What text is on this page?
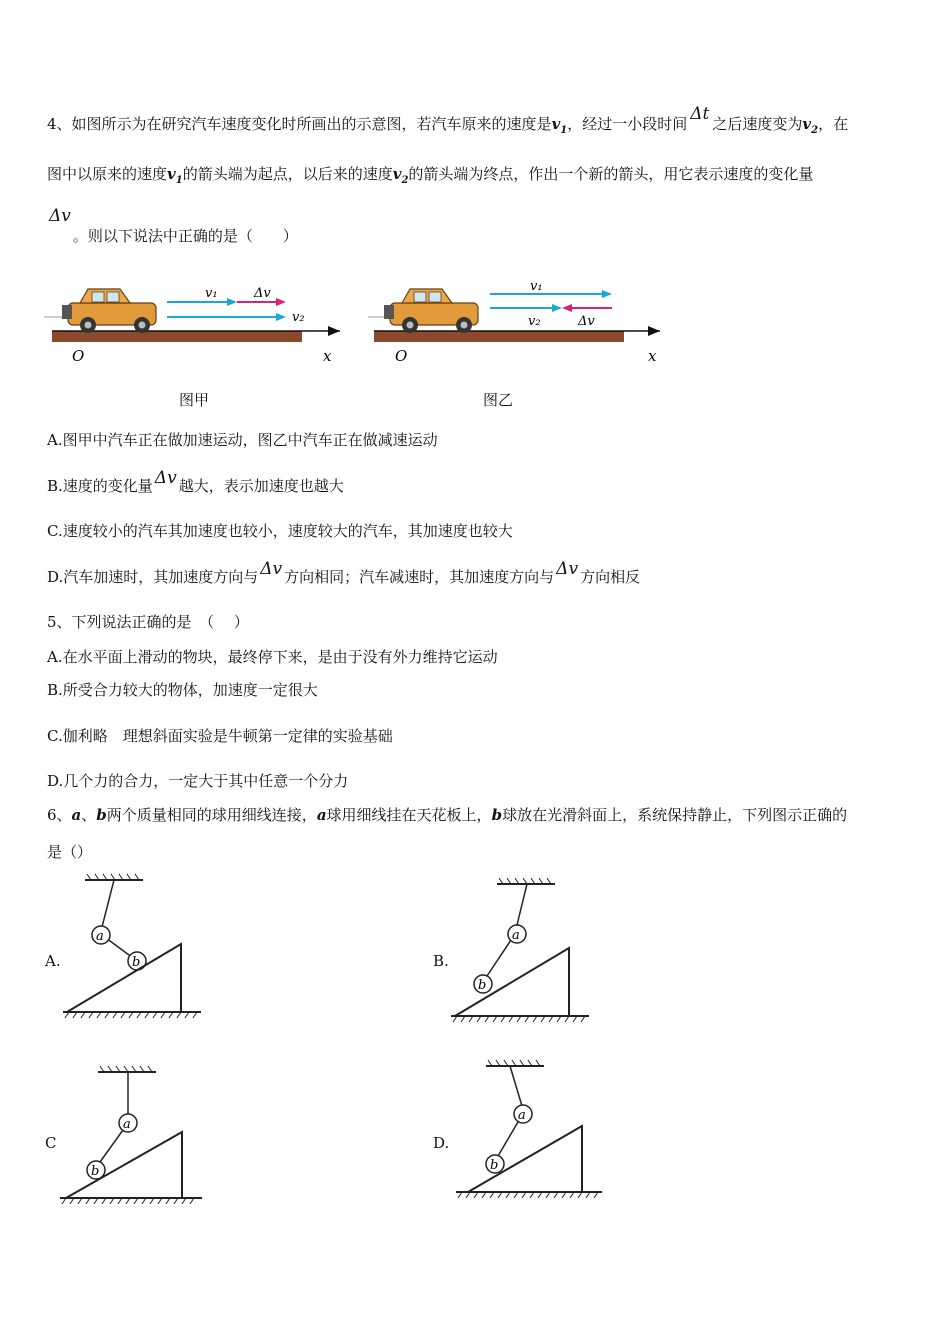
4、如图所示为在研究汽车速度变化时所画出的示意图，若汽车原来的速度是$v_1$，经过一小段时间 Δt 之后速度变为$v_2$，在
图中以原来的速度$v_1$的箭头端为起点，以后来的速度$v_2$的箭头端为终点，作出一个新的箭头，用它表示速度的变化量
Δv。则以下说法中正确的是（　　）
v₁	Δv
v₂
O	x
图甲
v₁
v₂	Δv
O	x
图乙
A.图甲中汽车正在做加速运动，图乙中汽车正在做减速运动
B.速度的变化量 Δv 越大，表示加速度也越大
C.速度较小的汽车其加速度也较小，速度较大的汽车，其加速度也较大
D.汽车加速时，其加速度方向与 Δv 方向相同；汽车减速时，其加速度方向与 Δv 方向相反
5、下列说法正确的是　（　 ）
A.在水平面上滑动的物块，最终停下来，是由于没有外力维持它运动
B.所受合力较大的物体，加速度一定很大
C.伽利略　理想斜面实验是牛顿第一定律的实验基础
D.几个力的合力，一定大于其中任意一个分力
6、a、b两个质量相同的球用细线连接，a球用细线挂在天花板上，b球放在光滑斜面上，系统保持静止，下列图示正确的
是（）
A.	B.
C	D.
a
b
a
b
a
b
a
b
